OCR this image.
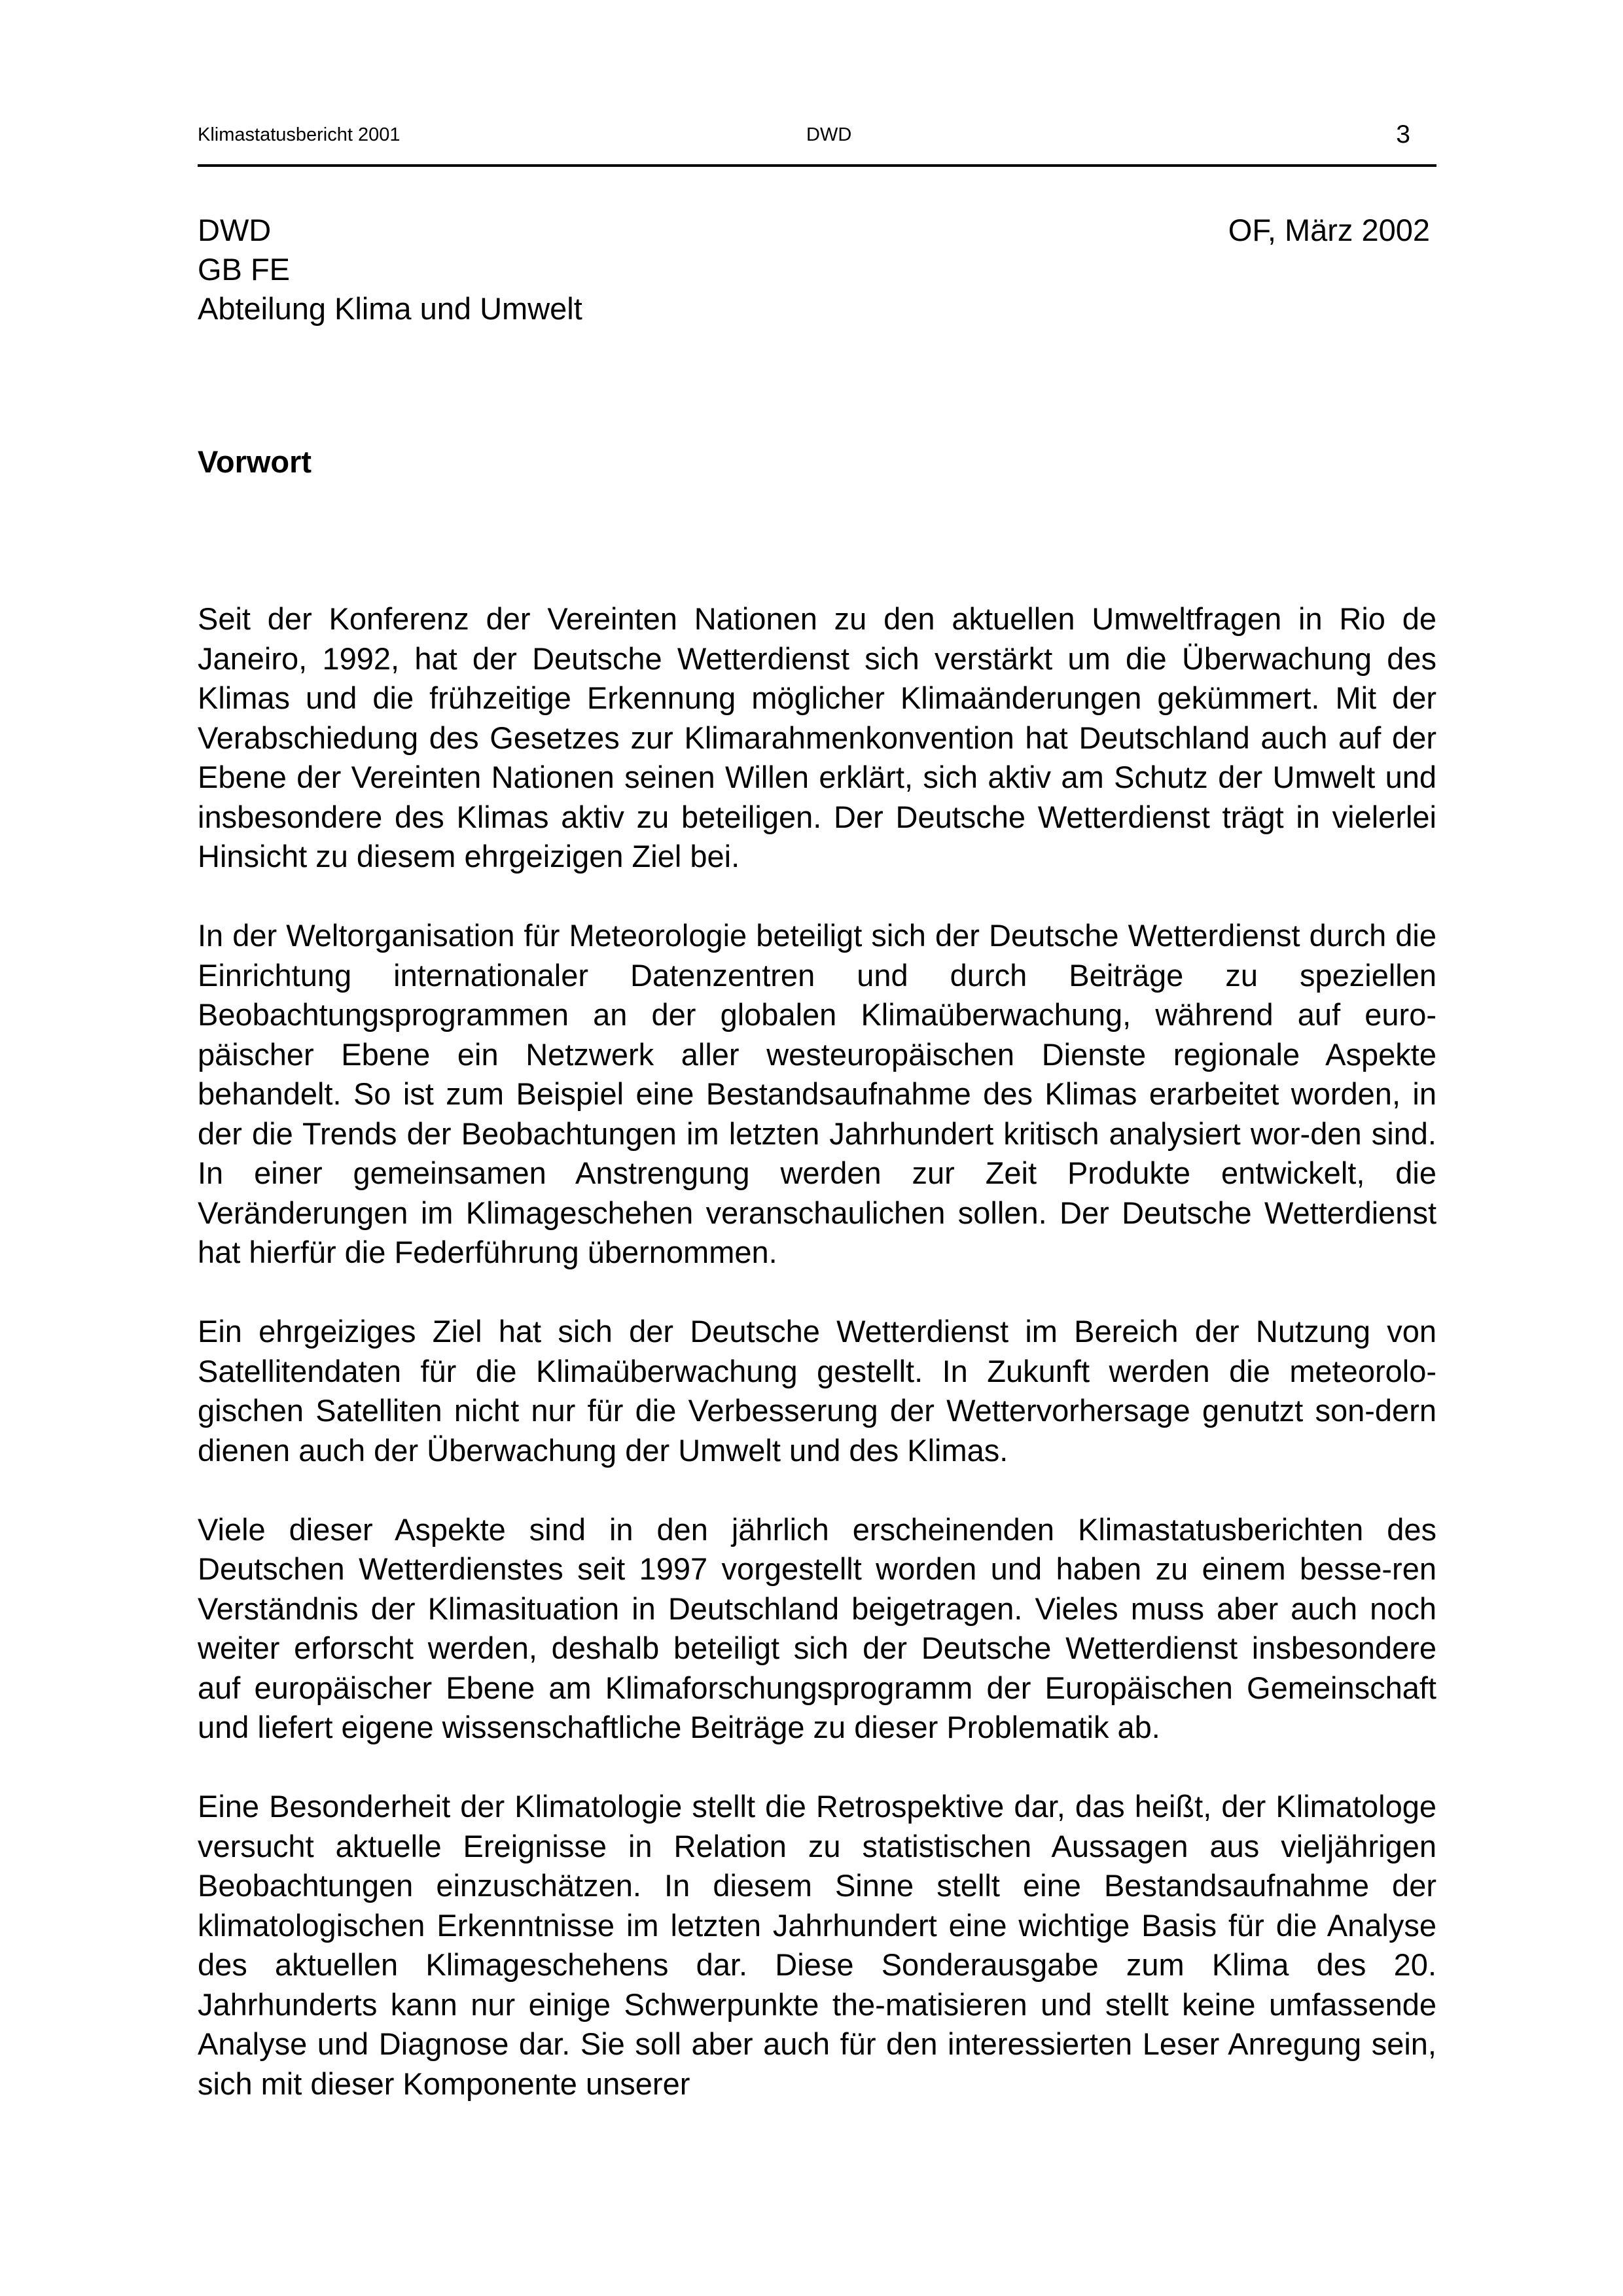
Klimastatusbericht 2001	DWD	3
DWD
GB FE
Abteilung Klima und Umwelt
OF, März 2002
Vorwort

Seit der Konferenz der Vereinten Nationen zu den aktuellen Umweltfragen in Rio de Janeiro, 1992, hat der Deutsche Wetterdienst sich verstärkt um die Überwachung des Klimas und die frühzeitige Erkennung möglicher Klimaänderungen gekümmert. Mit der Verabschiedung des Gesetzes zur Klimarahmenkonvention hat Deutschland auch auf der Ebene der Vereinten Nationen seinen Willen erklärt, sich aktiv am Schutz der Umwelt und insbesondere des Klimas aktiv zu beteiligen. Der Deutsche Wetterdienst trägt in vielerlei Hinsicht zu diesem ehrgeizigen Ziel bei.

In der Weltorganisation für Meteorologie beteiligt sich der Deutsche Wetterdienst durch die Einrichtung internationaler Datenzentren und durch Beiträge zu speziellen Beobachtungsprogrammen an der globalen Klimaüberwachung, während auf euro-päischer Ebene ein Netzwerk aller westeuropäischen Dienste regionale Aspekte behandelt. So ist zum Beispiel eine Bestandsaufnahme des Klimas erarbeitet worden, in der die Trends der Beobachtungen im letzten Jahrhundert kritisch analysiert wor-den sind. In einer gemeinsamen Anstrengung werden zur Zeit Produkte entwickelt, die Veränderungen im Klimageschehen veranschaulichen sollen. Der Deutsche Wetterdienst hat hierfür die Federführung übernommen.

Ein ehrgeiziges Ziel hat sich der Deutsche Wetterdienst im Bereich der Nutzung von Satellitendaten für die Klimaüberwachung gestellt. In Zukunft werden die meteorolo-gischen Satelliten nicht nur für die Verbesserung der Wettervorhersage genutzt son-dern dienen auch der Überwachung der Umwelt und des Klimas.

Viele dieser Aspekte sind in den jährlich erscheinenden Klimastatusberichten des Deutschen Wetterdienstes seit 1997 vorgestellt worden und haben zu einem besse-ren Verständnis der Klimasituation in Deutschland beigetragen. Vieles muss aber auch noch weiter erforscht werden, deshalb beteiligt sich der Deutsche Wetterdienst insbesondere auf europäischer Ebene am Klimaforschungsprogramm der Europäischen Gemeinschaft und liefert eigene wissenschaftliche Beiträge zu dieser Problematik ab.

Eine Besonderheit der Klimatologie stellt die Retrospektive dar, das heißt, der Klimatologe versucht aktuelle Ereignisse in Relation zu statistischen Aussagen aus vieljährigen Beobachtungen einzuschätzen. In diesem Sinne stellt eine Bestandsaufnahme der klimatologischen Erkenntnisse im letzten Jahrhundert eine wichtige Basis für die Analyse des aktuellen Klimageschehens dar. Diese Sonderausgabe zum Klima des 20. Jahrhunderts kann nur einige Schwerpunkte the-matisieren und stellt keine umfassende Analyse und Diagnose dar. Sie soll aber auch für den interessierten Leser Anregung sein, sich mit dieser Komponente unserer
